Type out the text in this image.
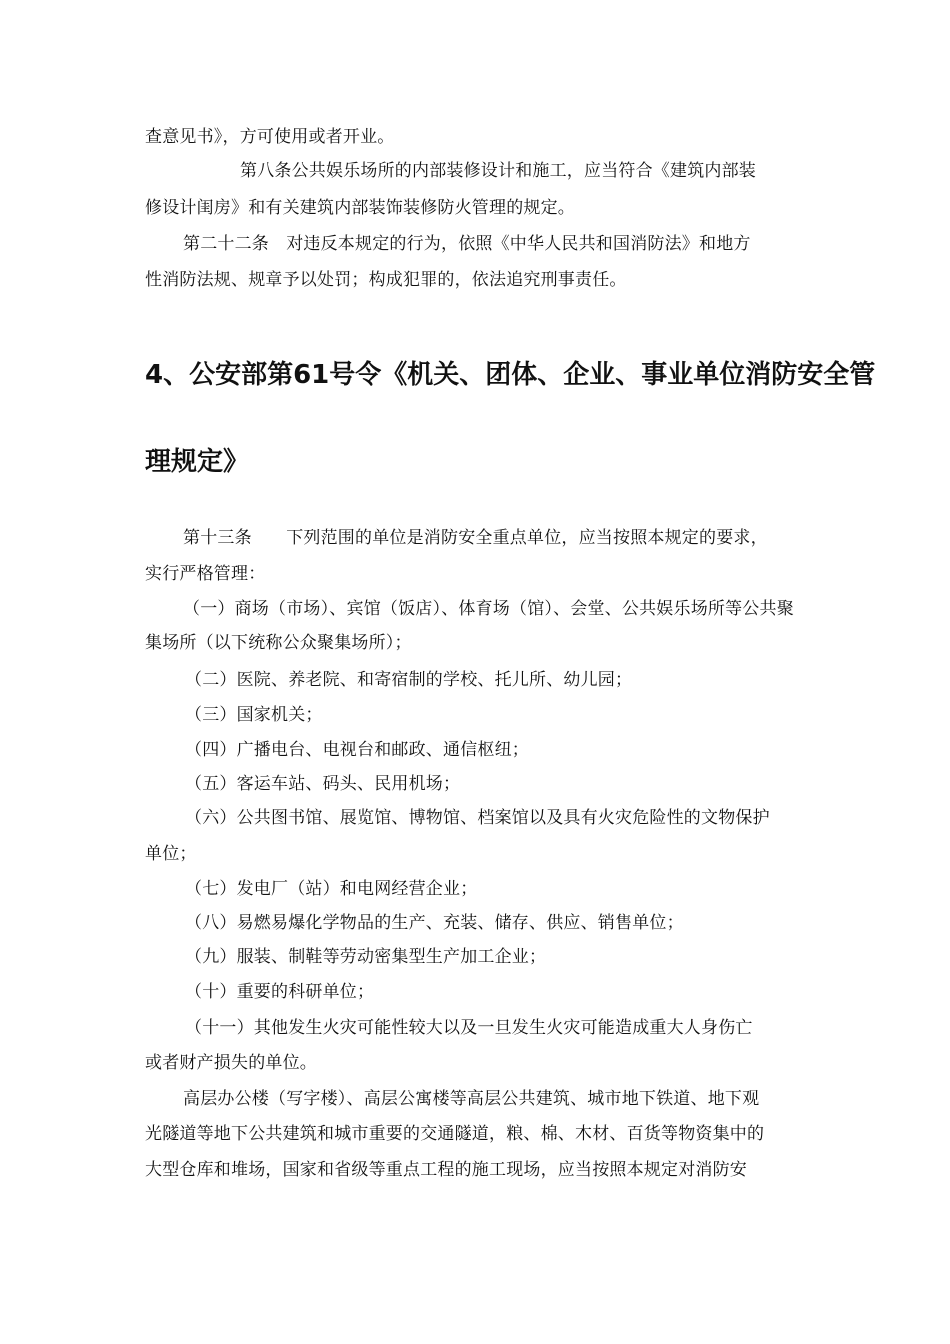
查意见书》，方可使用或者开业。
第八条公共娱乐场所的内部装修设计和施工，应当符合《建筑内部装
修设计闺房》和有关建筑内部装饰装修防火管理的规定。
第二十二条　对违反本规定的行为，依照《中华人民共和国消防法》和地方
性消防法规、规章予以处罚；构成犯罪的，依法追究刑事责任。
4、公安部第61号令《机关、团体、企业、事业单位消防安全管
理规定》
第十三条　　下列范围的单位是消防安全重点单位，应当按照本规定的要求，
实行严格管理：
（一）商场（市场）、宾馆（饭店）、体育场（馆）、会堂、公共娱乐场所等公共聚
集场所（以下统称公众聚集场所）；
（二）医院、养老院、和寄宿制的学校、托儿所、幼儿园；
（三）国家机关；
（四）广播电台、电视台和邮政、通信枢纽；
（五）客运车站、码头、民用机场；
（六）公共图书馆、展览馆、博物馆、档案馆以及具有火灾危险性的文物保护
单位；
（七）发电厂（站）和电网经营企业；
（八）易燃易爆化学物品的生产、充装、储存、供应、销售单位；
（九）服装、制鞋等劳动密集型生产加工企业；
（十）重要的科研单位；
（十一）其他发生火灾可能性较大以及一旦发生火灾可能造成重大人身伤亡
或者财产损失的单位。
高层办公楼（写字楼）、高层公寓楼等高层公共建筑、城市地下铁道、地下观
光隧道等地下公共建筑和城市重要的交通隧道，粮、棉、木材、百货等物资集中的
大型仓库和堆场，国家和省级等重点工程的施工现场，应当按照本规定对消防安
